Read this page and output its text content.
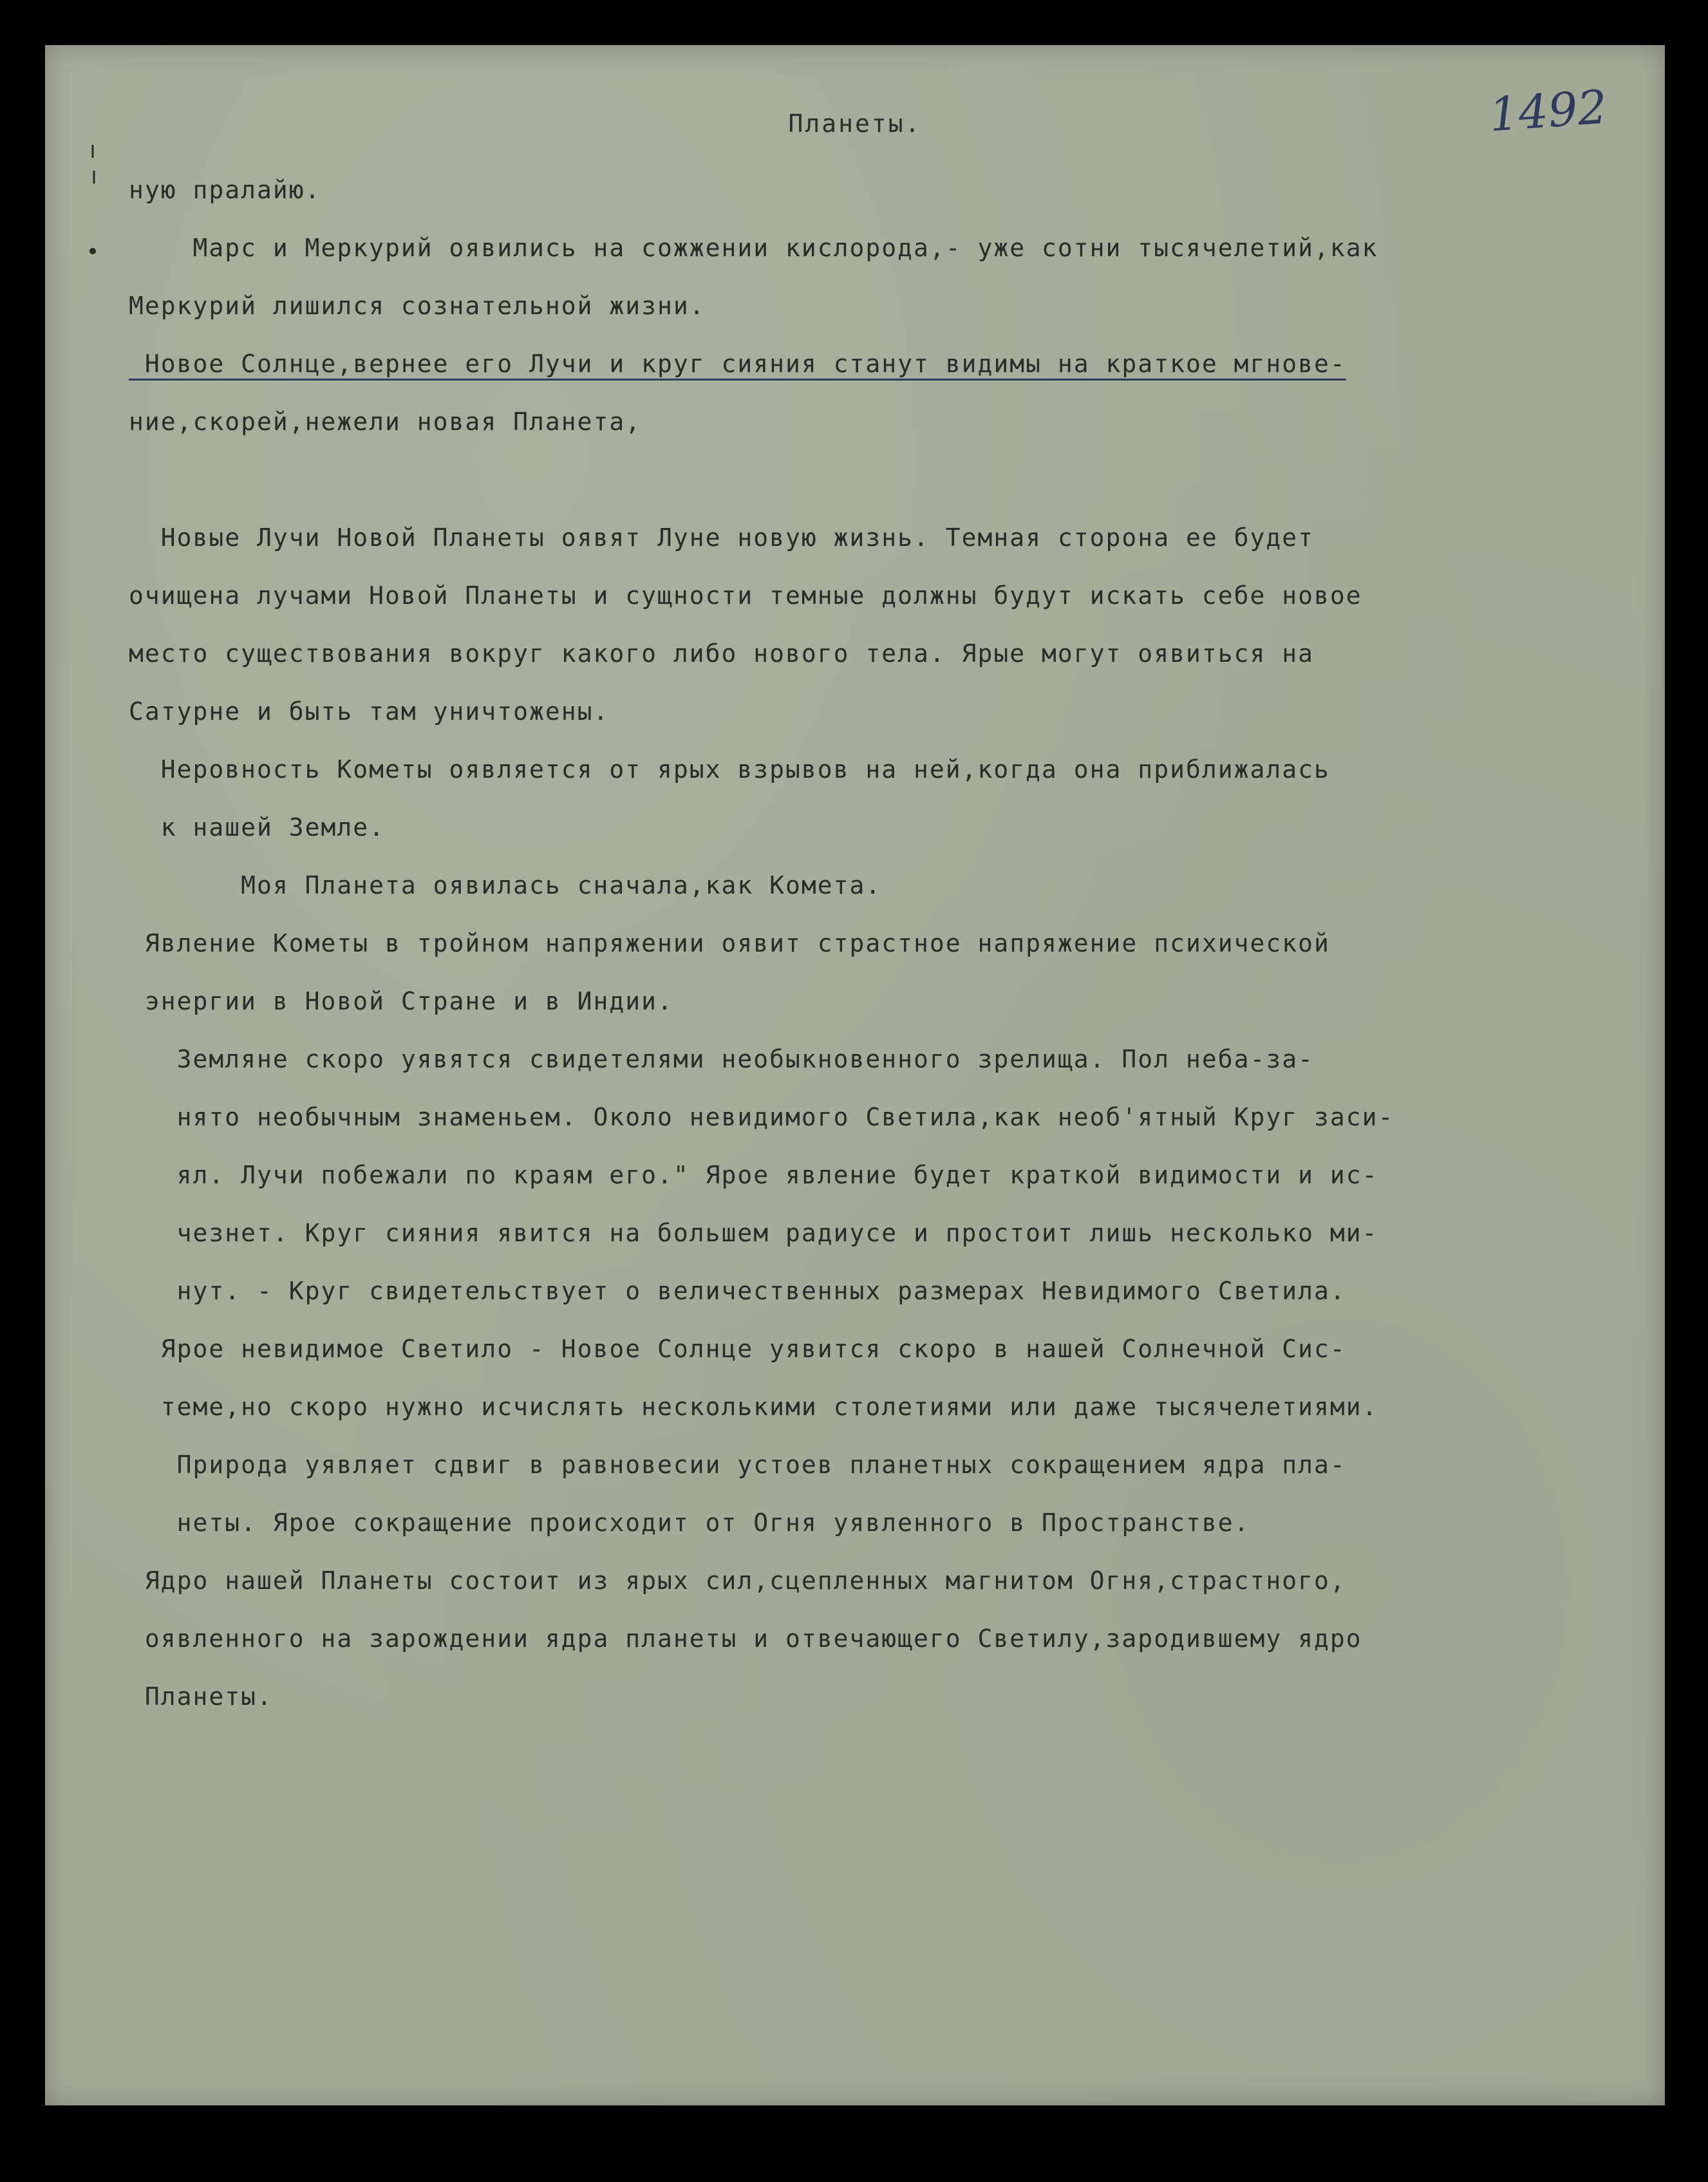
Планеты.	1492
ную пралайю.
Марс и Меркурий оявились на сожжении кислорода,- уже сотни тысячелетий,как
Меркурий лишился сознательной жизни.
Новое Солнце,вернее его Лучи и круг сияния станут видимы на краткое мгнове-
ние,скорей,нежели новая Планета,
Новые Лучи Новой Планеты оявят Луне новую жизнь. Темная сторона ее будет
очищена лучами Новой Планеты и сущности темные должны будут искать себе новое
место существования вокруг какого либо нового тела. Ярые могут оявиться на
Сатурне и быть там уничтожены.
Неровность Кометы оявляется от ярых взрывов на ней,когда она приближалась
к нашей Земле.
Моя Планета оявилась сначала,как Комета.
Явление Кометы в тройном напряжении оявит страстное напряжение психической
энергии в Новой Стране и в Индии.
Земляне скоро уявятся свидетелями необыкновенного зрелища. Пол неба-за-
нято необычным знаменьем. Около невидимого Светила,как необ'ятный Круг заси-
ял. Лучи побежали по краям его." Ярое явление будет краткой видимости и ис-
чезнет. Круг сияния явится на большем радиусе и простоит лишь несколько ми-
нут. - Круг свидетельствует о величественных размерах Невидимого Светила.
Ярое невидимое Светило - Новое Солнце уявится скоро в нашей Солнечной Сис-
теме,но скоро нужно исчислять несколькими столетиями или даже тысячелетиями.
Природа уявляет сдвиг в равновесии устоев планетных сокращением ядра пла-
неты. Ярое сокращение происходит от Огня уявленного в Пространстве.
Ядро нашей Планеты состоит из ярых сил,сцепленных магнитом Огня,страстного,
оявленного на зарождении ядра планеты и отвечающего Светилу,зародившему ядро
Планеты.
